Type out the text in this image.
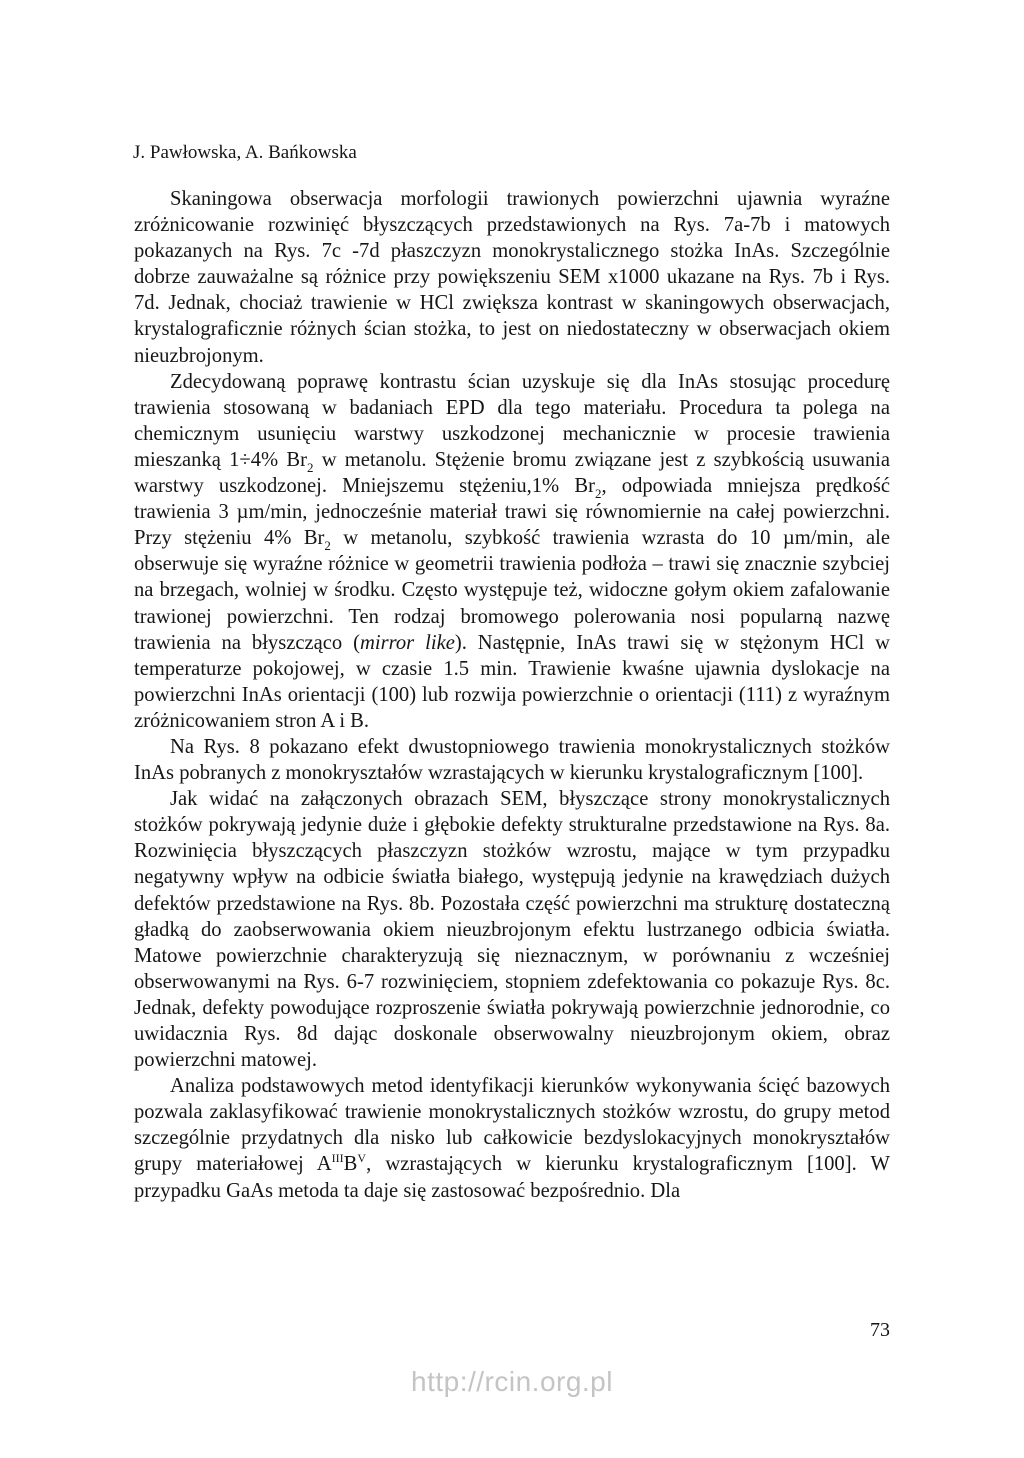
J. Pawłowska, A. Bańkowska

Skaningowa obserwacja morfologii trawionych powierzchni ujawnia wyraźne zróżnicowanie rozwinięć błyszczących przedstawionych na Rys. 7a-7b i matowych pokazanych na Rys. 7c -7d płaszczyzn monokrystalicznego stożka InAs. Szczególnie dobrze zauważalne są różnice przy powiększeniu SEM x1000 ukazane na Rys. 7b i Rys. 7d. Jednak, chociaż trawienie w HCl zwiększa kontrast w skaningowych obserwacjach, krystalograficznie różnych ścian stożka, to jest on niedostateczny w obserwacjach okiem nieuzbrojonym.

Zdecydowaną poprawę kontrastu ścian uzyskuje się dla InAs stosując procedurę trawienia stosowaną w badaniach EPD dla tego materiału. Procedura ta polega na chemicznym usunięciu warstwy uszkodzonej mechanicznie w procesie trawienia mieszanką 1÷4% $Br_2$ w metanolu. Stężenie bromu związane jest z szybkością usuwania warstwy uszkodzonej. Mniejszemu stężeniu,1% $Br_2$, odpowiada mniejsza prędkość trawienia 3 µm/min, jednocześnie materiał trawi się równomiernie na całej powierzchni. Przy stężeniu 4% $Br_2$ w metanolu, szybkość trawienia wzrasta do 10 µm/min, ale obserwuje się wyraźne różnice w geometrii trawienia podłoża – trawi się znacznie szybciej na brzegach, wolniej w środku. Często występuje też, widoczne gołym okiem zafalowanie trawionej powierzchni. Ten rodzaj bromowego polerowania nosi popularną nazwę trawienia na błyszcząco (mirror like). Następnie, InAs trawi się w stężonym HCl w temperaturze pokojowej, w czasie 1.5 min. Trawienie kwaśne ujawnia dyslokacje na powierzchni InAs orientacji (100) lub rozwija powierzchnie o orientacji (111) z wyraźnym zróżnicowaniem stron A i B.

Na Rys. 8 pokazano efekt dwustopniowego trawienia monokrystalicznych stożków InAs pobranych z monokryształów wzrastających w kierunku krystalograficznym [100].

Jak widać na załączonych obrazach SEM, błyszczące strony monokrystalicznych stożków pokrywają jedynie duże i głębokie defekty strukturalne przedstawione na Rys. 8a. Rozwinięcia błyszczących płaszczyzn stożków wzrostu, mające w tym przypadku negatywny wpływ na odbicie światła białego, występują jedynie na krawędziach dużych defektów przedstawione na Rys. 8b. Pozostała część powierzchni ma strukturę dostateczną gładką do zaobserwowania okiem nieuzbrojonym efektu lustrzanego odbicia światła. Matowe powierzchnie charakteryzują się nieznacznym, w porównaniu z wcześniej obserwowanymi na Rys. 6-7 rozwinięciem, stopniem zdefektowania co pokazuje Rys. 8c. Jednak, defekty powodujące rozproszenie światła pokrywają powierzchnie jednorodnie, co uwidacznia Rys. 8d dając doskonale obserwowalny nieuzbrojonym okiem, obraz powierzchni matowej.

Analiza podstawowych metod identyfikacji kierunków wykonywania ścięć bazowych pozwala zaklasyfikować trawienie monokrystalicznych stożków wzrostu, do grupy metod szczególnie przydatnych dla nisko lub całkowicie bezdyslokacyjnych monokryształów grupy materiałowej $A^{III}B^V$, wzrastających w kierunku krystalograficznym [100]. W przypadku GaAs metoda ta daje się zastosować bezpośrednio. Dla

73
http://rcin.org.pl
